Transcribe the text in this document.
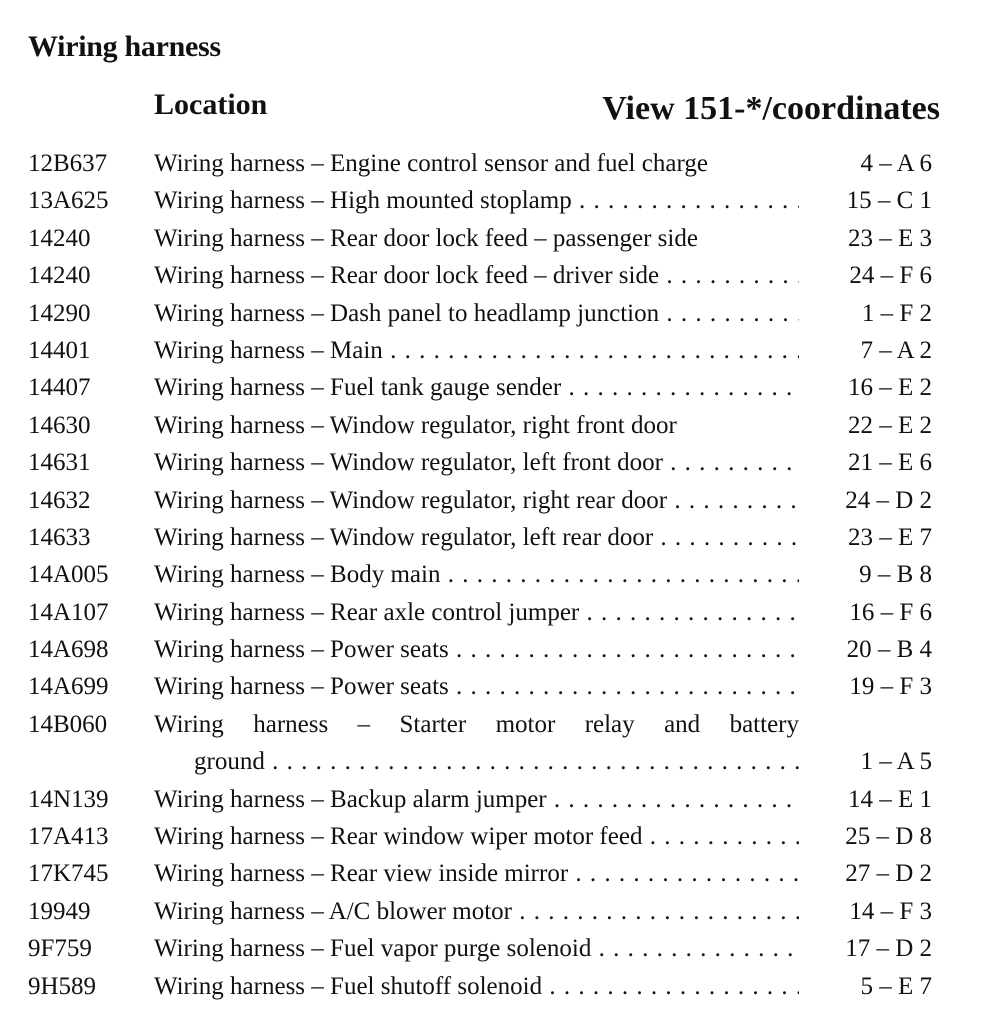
Wiring harness
Location	View 151-*/coordinates
12B637 Wiring harness – Engine control sensor and fuel charge	4 – A 6
13A625 Wiring harness – High mounted stoplamp . . .	15 – C 1
14240	Wiring harness – Rear door lock feed – passenger side	23 – E 3
14240	Wiring harness – Rear door lock feed – driver side . . .	24 – F 6
14290	Wiring harness – Dash panel to headlamp junction . . .	1 – F 2
14401	Wiring harness – Main . . .	7 – A 2
14407	Wiring harness – Fuel tank gauge sender . . .	16 – E 2
14630	Wiring harness – Window regulator, right front door	22 – E 2
14631	Wiring harness – Window regulator, left front door . . .	21 – E 6
14632	Wiring harness – Window regulator, right rear door . . .	24 – D 2
14633	Wiring harness – Window regulator, left rear door . . .	23 – E 7
14A005 Wiring harness – Body main . . .	9 – B 8
14A107 Wiring harness – Rear axle control jumper . . .	16 – F 6
14A698 Wiring harness – Power seats . . .	20 – B 4
14A699 Wiring harness – Power seats . . .	19 – F 3
14B060 Wiring harness – Starter motor relay and battery
ground . . .	1 – A 5
14N139 Wiring harness – Backup alarm jumper . . .	14 – E 1
17A413 Wiring harness – Rear window wiper motor feed . . .	25 – D 8
17K745 Wiring harness – Rear view inside mirror . . .	27 – D 2
19949	Wiring harness – A/C blower motor . . .	14 – F 3
9F759 Wiring harness – Fuel vapor purge solenoid . . .	17 – D 2
9H589 Wiring harness – Fuel shutoff solenoid . . .	5 – E 7
